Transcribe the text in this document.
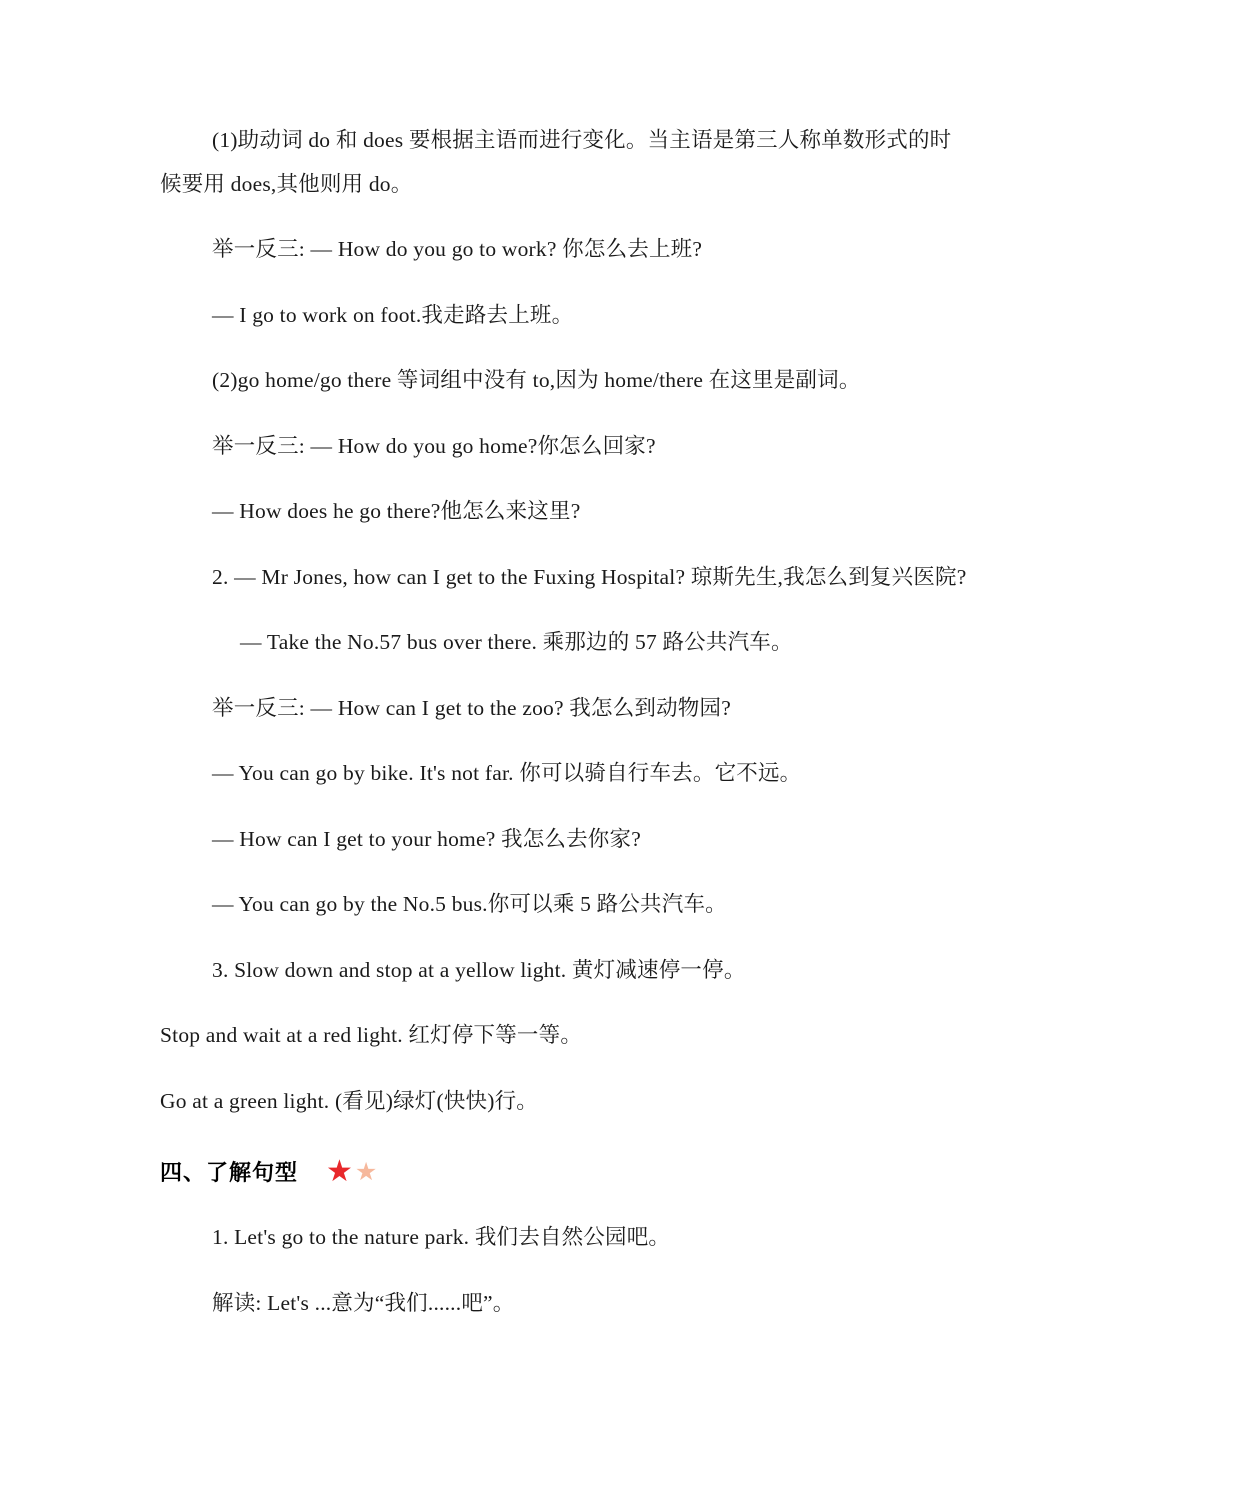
(1)助动词 do 和 does 要根据主语而进行变化。当主语是第三人称单数形式的时

候要用 does,其他则用 do。

举一反三: — How do you go to work? 你怎么去上班?

— I go to work on foot.我走路去上班。

(2)go home/go there 等词组中没有 to,因为 home/there 在这里是副词。

举一反三: — How do you go home?你怎么回家?

— How does he go there?他怎么来这里?

2. — Mr Jones, how can I get to the Fuxing Hospital? 琼斯先生,我怎么到复兴医院?

— Take the No.57 bus over there. 乘那边的 57 路公共汽车。

举一反三: — How can I get to the zoo? 我怎么到动物园?

— You can go by bike. It's not far. 你可以骑自行车去。它不远。

— How can I get to your home? 我怎么去你家?

— You can go by the No.5 bus.你可以乘 5 路公共汽车。

3. Slow down and stop at a yellow light. 黄灯减速停一停。

Stop and wait at a red light. 红灯停下等一等。

Go at a green light. (看见)绿灯(快快)行。

四、了解句型 ★ ★

1. Let's go to the nature park. 我们去自然公园吧。

解读: Let's ...意为“我们......吧”。
